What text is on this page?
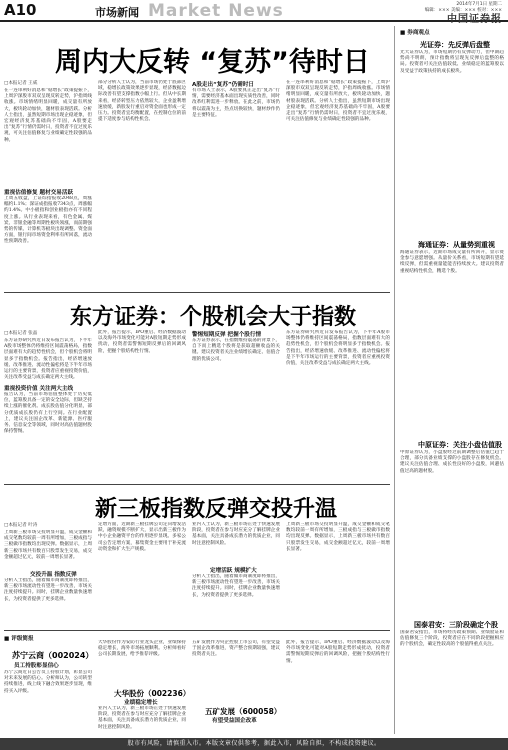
A10	市场新闻 Market News	2014年7月1日 星期二
编辑：××× 美编：××× 校对：×××
中国证券报
周内大反转 “复苏”待时日
□本报记者 王威
在一连串利好消息和“稳增长”政策提振下，上周沪深股市双双呈现反转走势，沪指周线收涨。市场情绪明显回暖，成交量有所放大，板块轮动加快，题材股表现活跃。分析人士指出，虽然短期市场出现企稳迹象，但宏观经济复苏基础尚不牢固，A股要走出“复苏”行情仍需时日，投资者不宜过度乐观，可关注估值修复与业绩确定性较强的品种。
重视估值修复 题材交易活跃
上周五收盘，上证综指报收2048点，周涨幅约1.1%；深证成指报收7343点，周涨幅约1.4%。中小板指和创业板指亦有不同程度上涨。从行业表现来看，有色金属、煤炭、非银金融等周期性板块领涨，而前期强势的传媒、计算机等板块出现调整。资金面方面，银行间市场资金利率有所回落，流动性预期改善。
部分分析人士认为，当前市场仍处于底部区域，稳增长政策效果逐步显现，经济数据边际改善有望支撑指数小幅上行。但从中长期来看，经济转型压力依然较大，企业盈利增速放缓，新股发行重启对资金面也形成一定压力。投资者宜均衡配置，在控制仓位的前提下适度参与结构性机会。
A股走出“复苏”仍需时日
有市场人士表示，A股要真正走出“复苏”行情，需要经济基本面出现实质性改善，同时改革红利需进一步释放。在此之前，市场仍将以震荡为主，热点切换较快，题材炒作仍是主要特征。
在一连串利好消息和“稳增长”政策提振下，上周沪深股市双双呈现反转走势，沪指周线收涨。市场情绪明显回暖，成交量有所放大，板块轮动加快，题材股表现活跃。分析人士指出，虽然短期市场出现企稳迹象，但宏观经济复苏基础尚不牢固，A股要走出“复苏”行情仍需时日，投资者不宜过度乐观，可关注估值修复与业绩确定性较强的品种。
东方证券：个股机会大于指数
□本报记者 张晶
东方证券研究所近日发布报告认为，下半年A股市场整体仍将维持区间震荡格局，指数层面难有大的趋势性机会，但个股机会将明显多于指数机会。报告指出，经济增速放缓、改革推进、流动性偏松将是下半年市场运行的主要背景，投资者应重视投资价值，关注改革受益与成长确定两大主线。
重视投资价值 关注两大主线
报告认为，当前市场估值整体处于历史低位，蓝筹股具备一定的安全边际，但缺乏持续上涨的催化剂。成长股估值分化明显，部分优质成长股仍有上行空间。在行业配置上，建议关注国企改革、新能源、医疗服务、信息安全等领域，同时对高估值题材股保持警惕。
此外，报告提示，IPO重启、经济数据波动以及海外市场变化可能对A股短期走势形成扰动，投资者需警惕短期反弹后的回调风险，把握个股结构性行情。
警惕短期反弹 把握个股行情
东方证券表示，在指数维持震荡的背景下，自下而上精选个股将是获取超额收益的关键。建议投资者关注业绩增长确定、估值合理的优质公司。
东方证券研究所近日发布报告认为，下半年A股市场整体仍将维持区间震荡格局，指数层面难有大的趋势性机会，但个股机会将明显多于指数机会。报告指出，经济增速放缓、改革推进、流动性偏松将是下半年市场运行的主要背景，投资者应重视投资价值，关注改革受益与成长确定两大主线。
新三板指数反弹交投升温
□本报记者 叶涛
上周新三板市场交投明显升温，成交金额和成交笔数均较前一周有所增加，三板成指与三板做市指数均出现反弹。数据显示，上周新三板市场共有数百只股票发生交易，成交金额超过亿元，较前一周增长显著。
交投升温 指数反弹
分析人士指出，随着做市商制度即将推出，新三板市场流动性有望进一步改善，市场关注度持续提升。同时，挂牌企业数量快速增长，为投资者提供了更多选择。
定增方面，近期新三板挂牌公司定向增发活跃，融资规模不断扩大，显示出新三板作为中小企业融资平台的作用逐步显现。多家公司公告定增方案，募集资金主要用于补充流动资金和扩大生产规模。
业内人士认为，新三板市场正处于快速发展阶段，投资者在参与时应充分了解挂牌企业基本面，关注具备成长潜力的优质企业，同时注意控制风险。
定增活跃 规模扩大
分析人士指出，随着做市商制度即将推出，新三板市场流动性有望进一步改善，市场关注度持续提升。同时，挂牌企业数量快速增长，为投资者提供了更多选择。
上周新三板市场交投明显升温，成交金额和成交笔数均较前一周有所增加，三板成指与三板做市指数均出现反弹。数据显示，上周新三板市场共有数百只股票发生交易，成交金额超过亿元，较前一周增长显著。
■ 评级简报
苏宁云商（002024）
员工持股彰显信心
苏宁云商近日公告员工持股计划，彰显公司对未来发展的信心。分析师认为，公司转型持续推进，线上线下融合效果逐步显现，维持买入评级。	大华股份（002236）
业绩稳定增长
大华股份作为安防行业龙头企业，业绩保持稳定增长，海外市场拓展顺利。分析师看好公司长期发展，给予推荐评级。
业内人士认为，新三板市场正处于快速发展阶段，投资者在参与时应充分了解挂牌企业基本面，关注具备成长潜力的优质企业，同时注意控制风险。
五矿发展（600058）
有望受益国企改革
五矿发展作为央企控股上市公司，有望受益于国企改革推进，资产整合预期较强，建议投资者关注。
此外，报告提示，IPO重启、经济数据波动以及海外市场变化可能对A股短期走势形成扰动，投资者需警惕短期反弹后的回调风险，把握个股结构性行情。
■ 券商观点
光证券：先反弹后盘整
光大证券认为，市场短期仍有反弹动力，但中期趋势尚不明朗，预计指数将呈现先反弹后盘整的格局。投资者可关注估值较低、业绩稳定的蓝筹股以及受益于政策扶持的成长板块。
海通证券：从量势到重视
海通证券表示，近期市场成交量有所回升，显示资金参与意愿增强。从量价关系看，市场短期有望延续反弹，但需重视量能能否持续放大。建议投资者重视结构性机会，精选个股。
中原证券：关注小盘估值股
中原证券认为，小盘股经过前期调整后估值已趋于合理，部分具备业绩支撑的小盘股存在修复机会。建议关注估值合理、成长性良好的小盘股，回避估值过高的题材股。
国泰君安：三阶段确定个股
国泰君安指出，市场将经历政策预期、业绩验证和估值修复三个阶段，投资者应在不同阶段把握相应的个股机会，确定性较高的个股值得重点关注。
股市有风险，请慎重入市。本版文章仅供参考，据此入市，风险自担，不构成投资建议。
